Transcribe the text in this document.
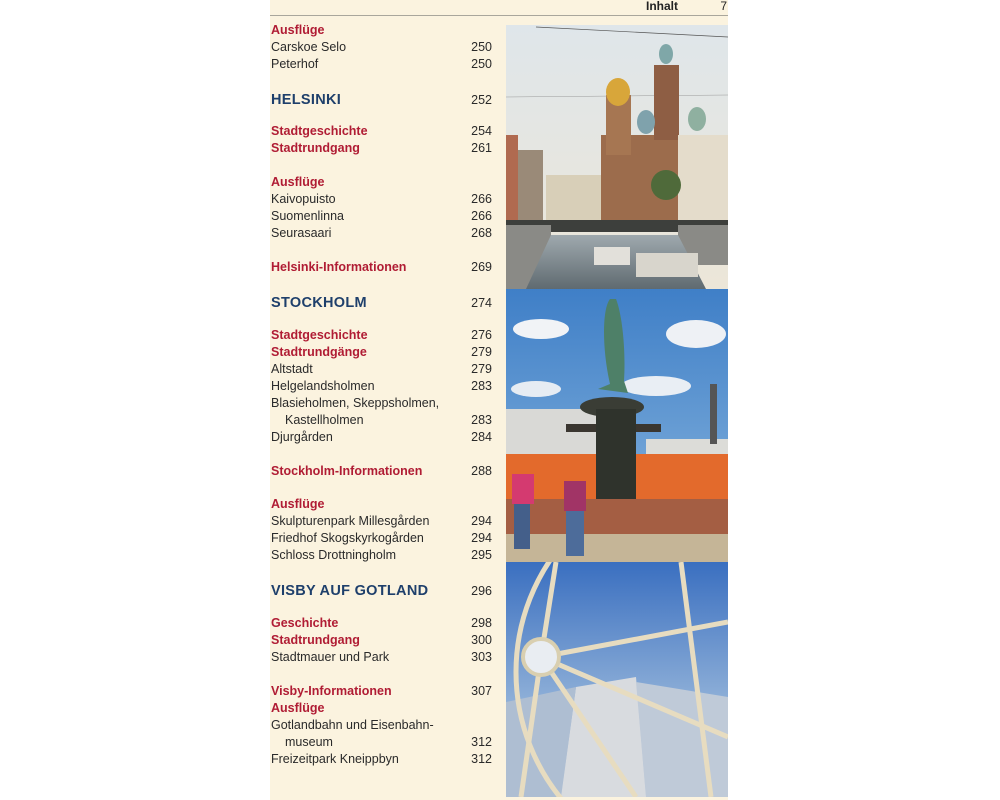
Inhalt	7
Ausflüge
Carskoe Selo	250
Peterhof	250
HELSINKI	252
Stadtgeschichte	254
Stadtrundgang	261
Ausflüge
Kaivopuisto	266
Suomenlinna	266
Seurasaari	268
Helsinki-Informationen	269
STOCKHOLM	274
Stadtgeschichte	276
Stadtrundgänge	279
Altstadt	279
Helgelandsholmen	283
Blasieholmen, Skeppsholmen,
Kastellholmen	283
Djurgården	284
Stockholm-Informationen	288
Ausflüge
Skulpturenpark Millesgården	294
Friedhof Skogskyrkogården	294
Schloss Drottningholm	295
VISBY AUF GOTLAND	296
Geschichte	298
Stadtrundgang	300
Stadtmauer und Park	303
Visby-Informationen	307
Ausflüge
Gotlandbahn und Eisenbahn-
museum	312
Freizeitpark Kneippbyn	312
